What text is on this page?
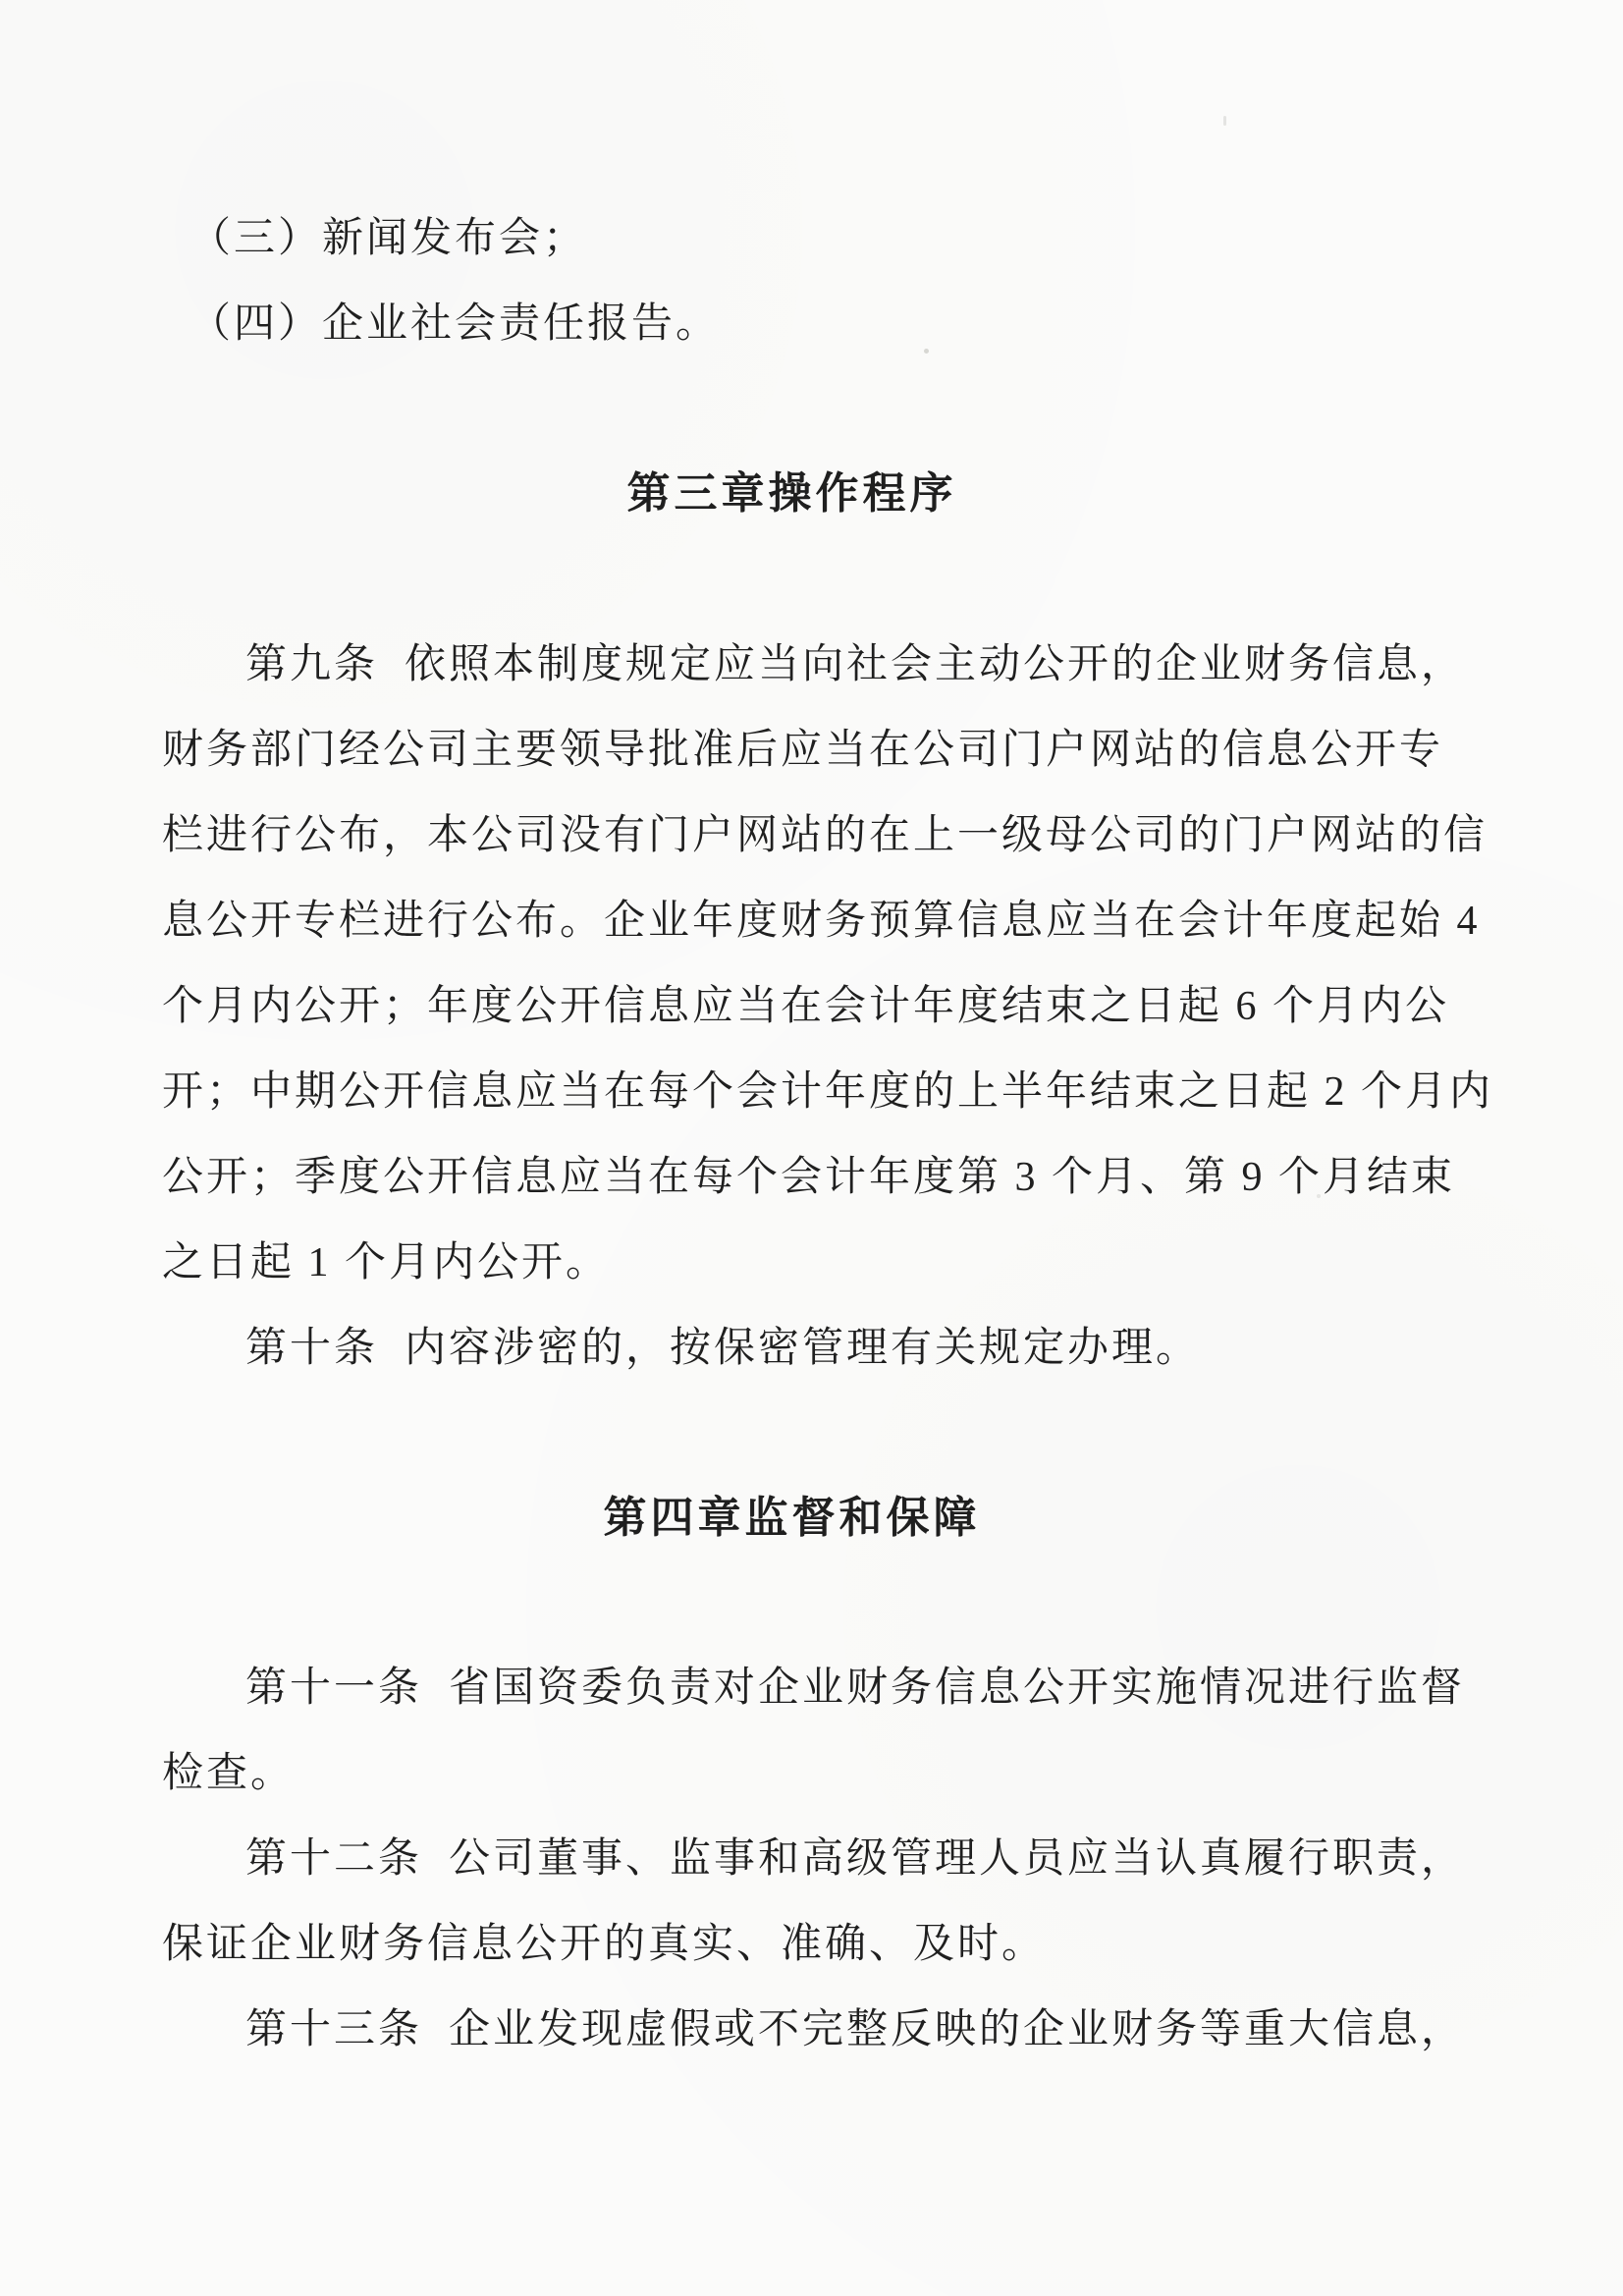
（三）新闻发布会；
（四）企业社会责任报告。
第三章操作程序
第九条  依照本制度规定应当向社会主动公开的企业财务信息，
财务部门经公司主要领导批准后应当在公司门户网站的信息公开专
栏进行公布，本公司没有门户网站的在上一级母公司的门户网站的信
息公开专栏进行公布。企业年度财务预算信息应当在会计年度起始 4
个月内公开；年度公开信息应当在会计年度结束之日起 6 个月内公
开；中期公开信息应当在每个会计年度的上半年结束之日起 2 个月内
公开；季度公开信息应当在每个会计年度第 3 个月、第 9 个月结束
之日起 1 个月内公开。
第十条  内容涉密的，按保密管理有关规定办理。
第四章监督和保障
第十一条  省国资委负责对企业财务信息公开实施情况进行监督
检查。
第十二条  公司董事、监事和高级管理人员应当认真履行职责，
保证企业财务信息公开的真实、准确、及时。
第十三条  企业发现虚假或不完整反映的企业财务等重大信息，
